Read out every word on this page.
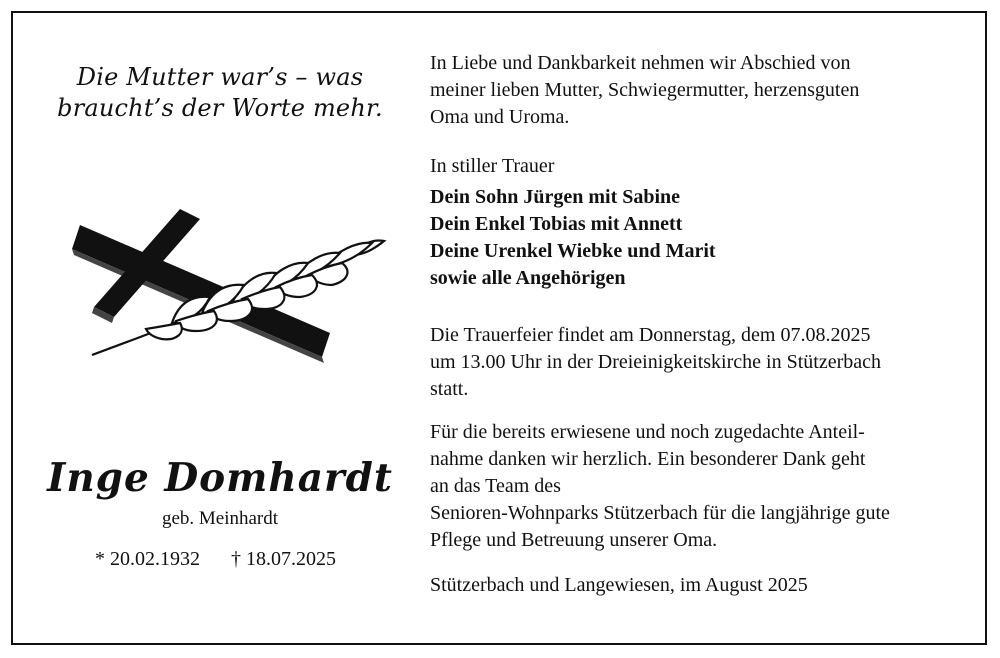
Die Mutter war’s – was
braucht’s der Worte mehr.
Inge Domhardt
geb. Meinhardt
* 20.02.1932 † 18.07.2025
In Liebe und Dankbarkeit nehmen wir Abschied von
meiner lieben Mutter, Schwiegermutter, herzensguten
Oma und Uroma.
In stiller Trauer
Dein Sohn Jürgen mit Sabine
Dein Enkel Tobias mit Annett
Deine Urenkel Wiebke und Marit
sowie alle Angehörigen
Die Trauerfeier findet am Donnerstag, dem 07.08.2025
um 13.00 Uhr in der Dreieinigkeitskirche in Stützerbach
statt.
Für die bereits erwiesene und noch zugedachte Anteil-
nahme danken wir herzlich. Ein besonderer Dank geht
an das Team des
Senioren-Wohnparks Stützerbach für die langjährige gute
Pflege und Betreuung unserer Oma.
Stützerbach und Langewiesen, im August 2025
